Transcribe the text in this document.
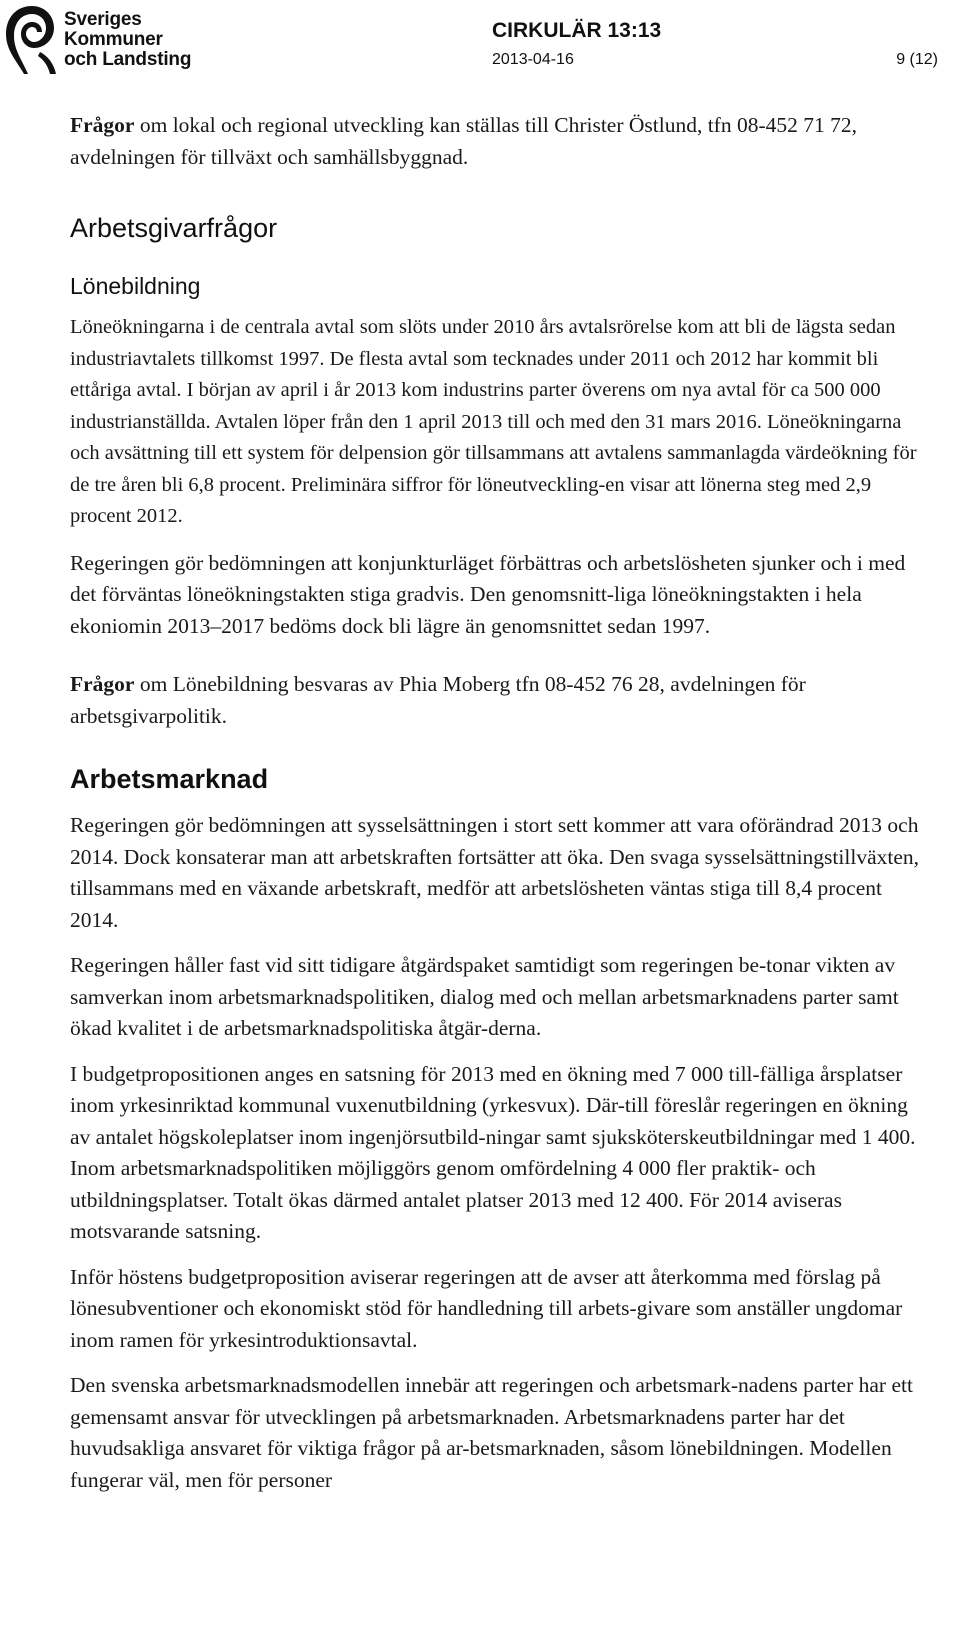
Sveriges
Kommuner
och Landsting
CIRKULÄR 13:13
2013-04-16	9 (12)

Frågor om lokal och regional utveckling kan ställas till Christer Östlund, tfn 08-452 71 72, avdelningen för tillväxt och samhällsbyggnad.

Arbetsgivarfrågor
Lönebildning

Löneökningarna i de centrala avtal som slöts under 2010 års avtalsrörelse kom att bli de lägsta sedan industriavtalets tillkomst 1997. De flesta avtal som tecknades under 2011 och 2012 har kommit bli ettåriga avtal. I början av april i år 2013 kom industrins parter överens om nya avtal för ca 500 000 industrianställda. Avtalen löper från den 1 april 2013 till och med den 31 mars 2016. Löneökningarna och avsättning till ett system för delpension gör tillsammans att avtalens sammanlagda värdeökning för de tre åren bli 6,8 procent. Preliminära siffror för löneutveckling-en visar att lönerna steg med 2,9 procent 2012.

Regeringen gör bedömningen att konjunkturläget förbättras och arbetslösheten sjunker och i med det förväntas löneökningstakten stiga gradvis. Den genomsnitt-liga löneökningstakten i hela ekoniomin 2013–2017 bedöms dock bli lägre än genomsnittet sedan 1997.

Frågor om Lönebildning besvaras av Phia Moberg tfn 08-452 76 28, avdelningen för arbetsgivarpolitik.

Arbetsmarknad

Regeringen gör bedömningen att sysselsättningen i stort sett kommer att vara oförändrad 2013 och 2014. Dock konsaterar man att arbetskraften fortsätter att öka. Den svaga sysselsättningstillväxten, tillsammans med en växande arbetskraft, medför att arbetslösheten väntas stiga till 8,4 procent 2014.

Regeringen håller fast vid sitt tidigare åtgärdspaket samtidigt som regeringen be-tonar vikten av samverkan inom arbetsmarknadspolitiken, dialog med och mellan arbetsmarknadens parter samt ökad kvalitet i de arbetsmarknadspolitiska åtgär-derna.

I budgetpropositionen anges en satsning för 2013 med en ökning med 7 000 till-fälliga årsplatser inom yrkesinriktad kommunal vuxenutbildning (yrkesvux). Där-till föreslår regeringen en ökning av antalet högskoleplatser inom ingenjörsutbild-ningar samt sjuksköterskeutbildningar med 1 400. Inom arbetsmarknadspolitiken möjliggörs genom omfördelning 4 000 fler praktik- och utbildningsplatser. Totalt ökas därmed antalet platser 2013 med 12 400. För 2014 aviseras motsvarande satsning.

Inför höstens budgetproposition aviserar regeringen att de avser att återkomma med förslag på lönesubventioner och ekonomiskt stöd för handledning till arbets-givare som anställer ungdomar inom ramen för yrkesintroduktionsavtal.

Den svenska arbetsmarknadsmodellen innebär att regeringen och arbetsmark-nadens parter har ett gemensamt ansvar för utvecklingen på arbetsmarknaden. Arbetsmarknadens parter har det huvudsakliga ansvaret för viktiga frågor på ar-betsmarknaden, såsom lönebildningen. Modellen fungerar väl, men för personer
